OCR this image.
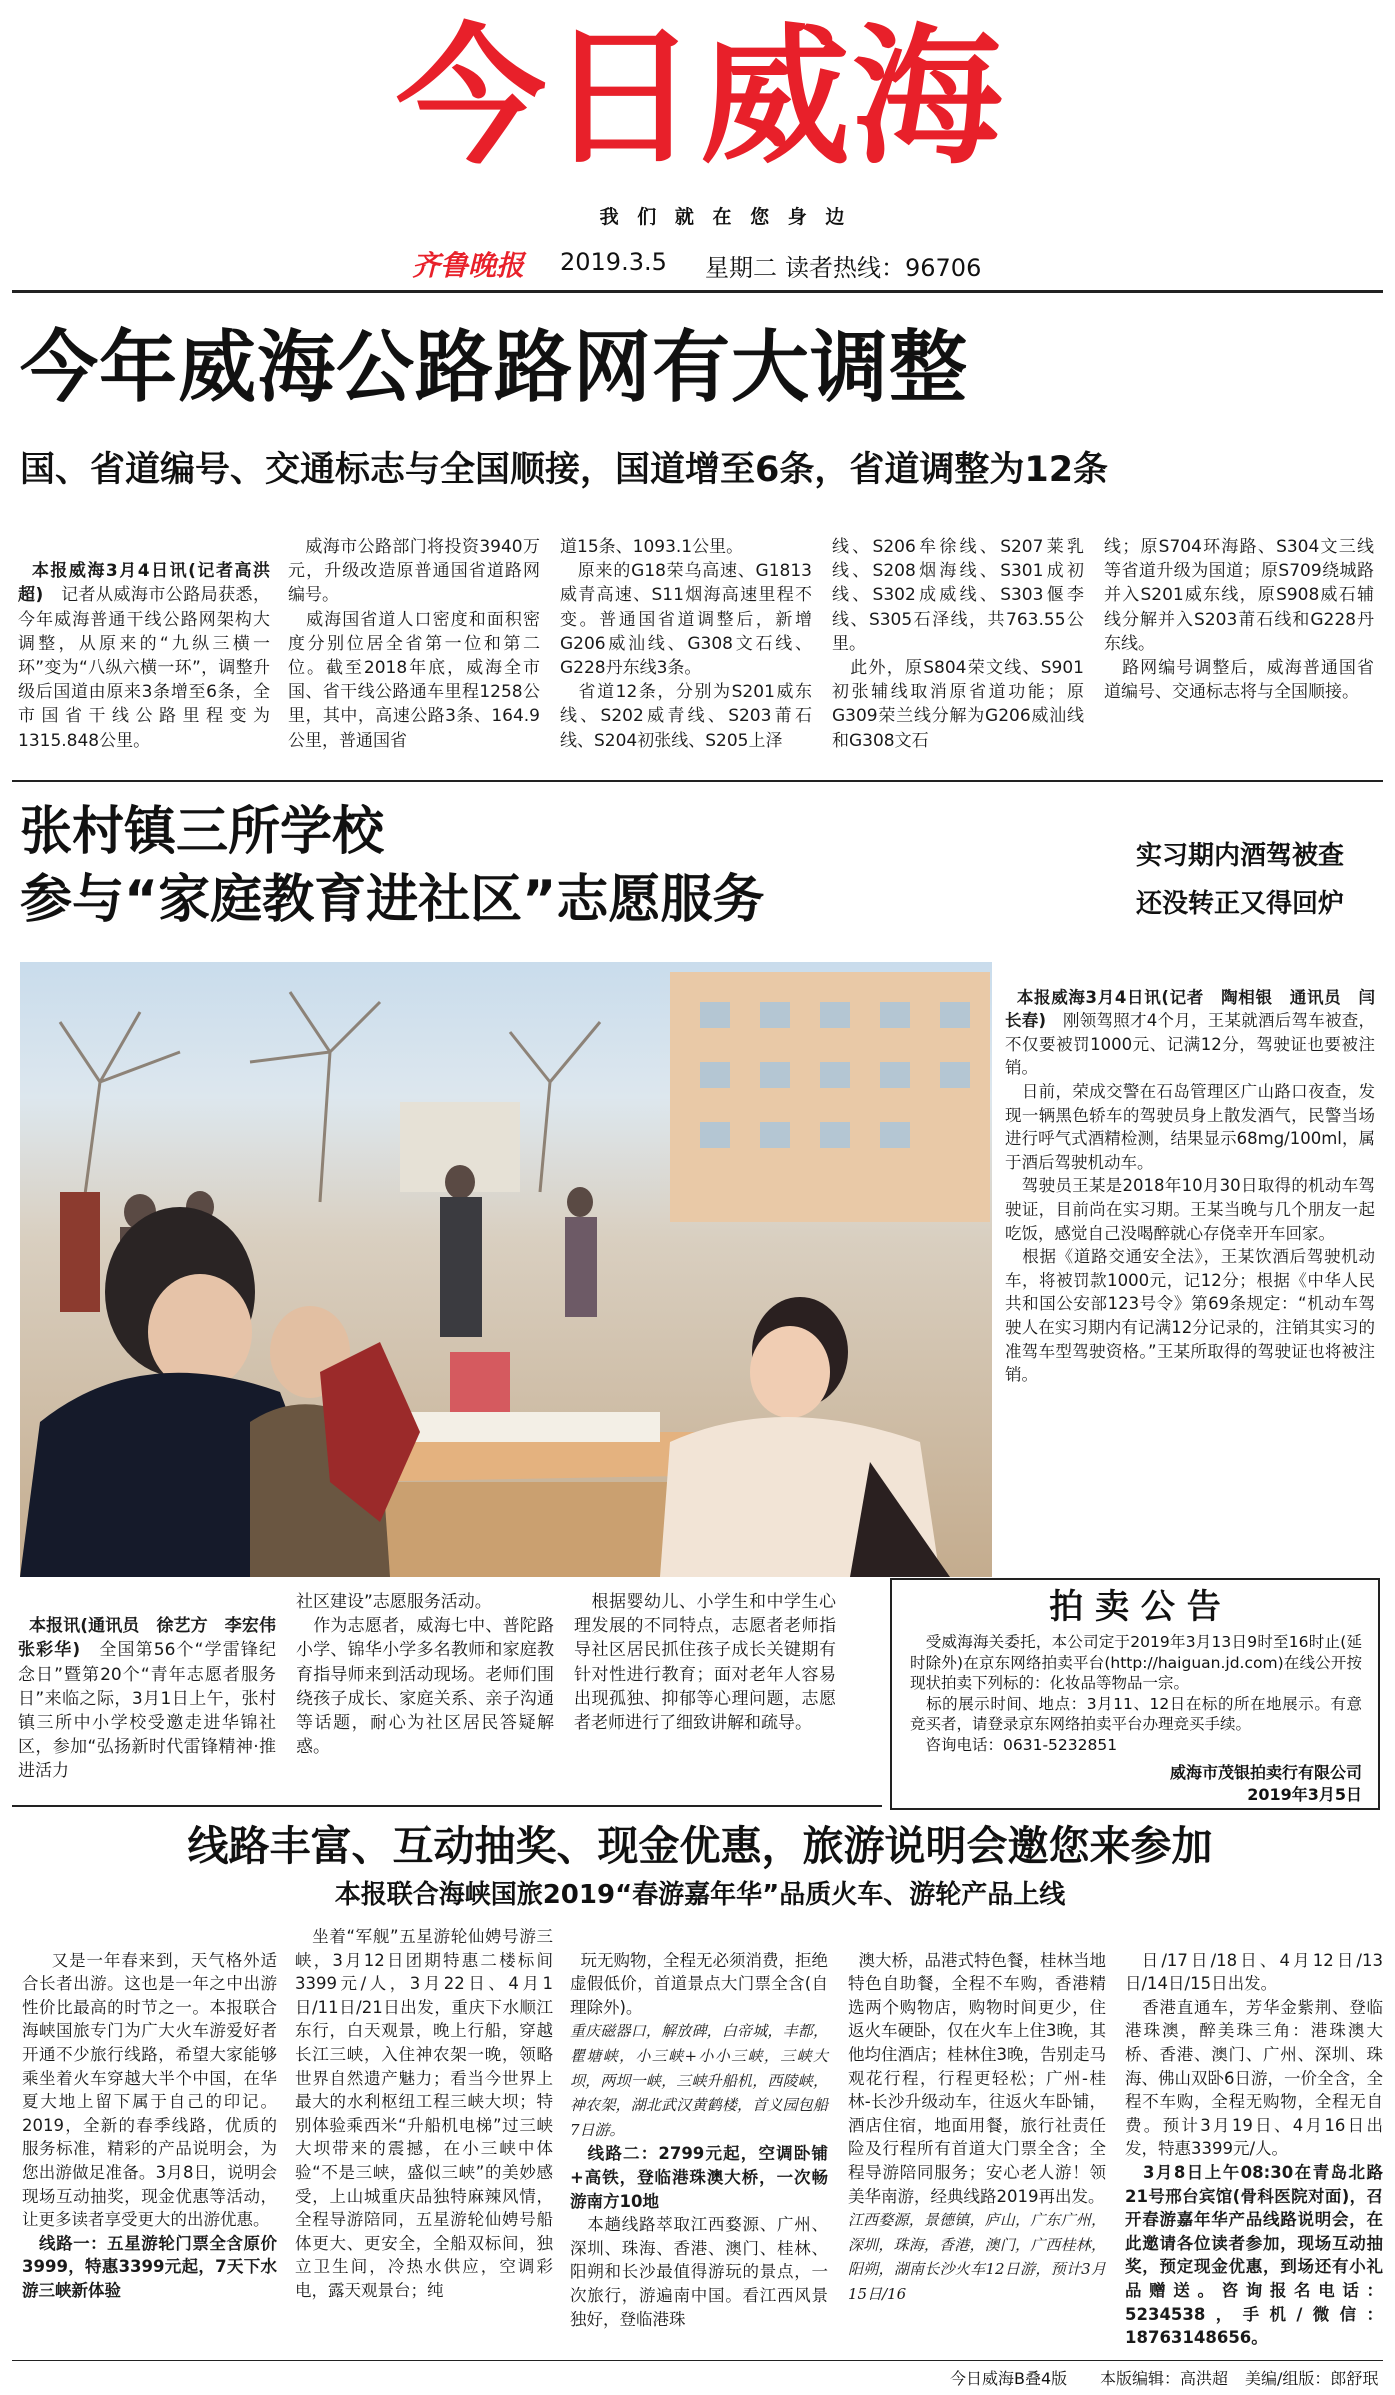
今日威海
我 们 就 在 您 身 边
齐鲁晚报 2019.3.5 星期二 读者热线：96706
今年威海公路路网有大调整
国、省道编号、交通标志与全国顺接，国道增至6条，省道调整为12条

本报威海3月4日讯(记者高洪超)　记者从威海市公路局获悉，今年威海普通干线公路网架构大调整，从原来的“九纵三横一环”变为“八纵六横一环”，调整升级后国道由原来3条增至6条，全市国省干线公路里程变为1315.848公里。

　威海市公路部门将投资3940万元，升级改造原普通国省道路网编号。
　威海国省道人口密度和面积密度分别位居全省第一位和第二位。截至2018年底，威海全市国、省干线公路通车里程1258公里，其中，高速公路3条、164.9公里，普通国省
道15条、1093.1公里。
　原来的G18荣乌高速、G1813威青高速、S11烟海高速里程不变。普通国省道调整后，新增G206威汕线、G308文石线、G228丹东线3条。
　省道12条，分别为S201威东线、S202威青线、S203莆石线、S204初张线、S205上泽
线、S206牟徐线、S207莱乳线、S208烟海线、S301成初线、S302成威线、S303偃李线、S305石泽线，共763.55公里。
　此外，原S804荣文线、S901初张辅线取消原省道功能；原G309荣兰线分解为G206威汕线和G308文石
线；原S704环海路、S304文三线等省道升级为国道；原S709绕城路并入S201威东线，原S908威石辅线分解并入S203莆石线和G228丹东线。
　路网编号调整后，威海普通国省道编号、交通标志将与全国顺接。
张村镇三所学校
参与“家庭教育进社区”志愿服务

本报讯(通讯员　徐艺方　李宏伟　张彩华)　全国第56个“学雷锋纪念日”暨第20个“青年志愿者服务日”来临之际，3月1日上午，张村镇三所中小学校受邀走进华锦社区，参加“弘扬新时代雷锋精神·推进活力

社区建设”志愿服务活动。
　作为志愿者，威海七中、普陀路小学、锦华小学多名教师和家庭教育指导师来到活动现场。老师们围绕孩子成长、家庭关系、亲子沟通等话题，耐心为社区居民答疑解惑。
　根据婴幼儿、小学生和中学生心理发展的不同特点，志愿者老师指导社区居民抓住孩子成长关键期有针对性进行教育；面对老年人容易出现孤独、抑郁等心理问题，志愿者老师进行了细致讲解和疏导。
实习期内酒驾被查
还没转正又得回炉

本报威海3月4日讯(记者　陶相银　通讯员　闫长春)　刚领驾照才4个月，王某就酒后驾车被查，不仅要被罚1000元、记满12分，驾驶证也要被注销。
　日前，荣成交警在石岛管理区广山路口夜查，发现一辆黑色轿车的驾驶员身上散发酒气，民警当场进行呼气式酒精检测，结果显示68mg/100ml，属于酒后驾驶机动车。
　驾驶员王某是2018年10月30日取得的机动车驾驶证，目前尚在实习期。王某当晚与几个朋友一起吃饭，感觉自己没喝醉就心存侥幸开车回家。
　根据《道路交通安全法》，王某饮酒后驾驶机动车，将被罚款1000元，记12分；根据《中华人民共和国公安部123号令》第69条规定：“机动车驾驶人在实习期内有记满12分记录的，注销其实习的准驾车型驾驶资格。”王某所取得的驾驶证也将被注销。

拍 卖 公 告
　受威海海关委托，本公司定于2019年3月13日9时至16时止(延时除外)在京东网络拍卖平台(http://haiguan.jd.com)在线公开按现状拍卖下列标的：化妆品等物品一宗。
　标的展示时间、地点：3月11、12日在标的所在地展示。有意竞买者，请登录京东网络拍卖平台办理竞买手续。
　咨询电话：0631-5232851
威海市茂银拍卖行有限公司
2019年3月5日
线路丰富、互动抽奖、现金优惠，旅游说明会邀您来参加
本报联合海峡国旅2019“春游嘉年华”品质火车、游轮产品上线

　又是一年春来到，天气格外适合长者出游。这也是一年之中出游性价比最高的时节之一。本报联合海峡国旅专门为广大火车游爱好者开通不少旅行线路，希望大家能够乘坐着火车穿越大半个中国，在华夏大地上留下属于自己的印记。2019，全新的春季线路，优质的服务标准，精彩的产品说明会，为您出游做足准备。3月8日，说明会现场互动抽奖，现金优惠等活动，让更多读者享受更大的出游优惠。
　线路一：五星游轮门票全含原价3999，特惠3399元起，7天下水游三峡新体验

　坐着“军舰”五星游轮仙娉号游三峡，3月12日团期特惠二楼标间3399元/人，3月22日、4月1日/11日/21日出发，重庆下水顺江东行，白天观景，晚上行船，穿越长江三峡，入住神农架一晚，领略世界自然遗产魅力；看当今世界上最大的水利枢纽工程三峡大坝；特别体验乘西米“升船机电梯”过三峡大坝带来的震撼，在小三峡中体验“不是三峡，盛似三峡”的美妙感受，上山城重庆品独特麻辣风情，全程导游陪同，五星游轮仙娉号船体更大、更安全，全船双标间，独立卫生间，冷热水供应，空调彩电，露天观景台；纯

玩无购物，全程无必须消费，拒绝虚假低价，首道景点大门票全含(自理除外)。
重庆磁器口，解放碑，白帝城，丰都，瞿塘峡，小三峡+小小三峡，三峡大坝，两坝一峡，三峡升船机，西陵峡，神农架，湖北武汉黄鹤楼，首义园包船7日游。
　线路二：2799元起，空调卧铺+高铁，登临港珠澳大桥，一次畅游南方10地
　本趟线路萃取江西婺源、广州、深圳、珠海、香港、澳门、桂林、阳朔和长沙最值得游玩的景点，一次旅行，游遍南中国。看江西风景独好，登临港珠

澳大桥，品港式特色餐，桂林当地特色自助餐，全程不车购，香港精选两个购物店，购物时间更少，住返火车硬卧，仅在火车上住3晚，其他均住酒店；桂林住3晚，告别走马观花行程，行程更轻松；广州-桂林-长沙升级动车，往返火车卧铺，酒店住宿，地面用餐，旅行社责任险及行程所有首道大门票全含；全程导游陪同服务；安心老人游！领美华南游，经典线路2019再出发。
江西婺源，景德镇，庐山，广东广州，深圳，珠海，香港，澳门，广西桂林，阳朔，湖南长沙火车12日游，预计3月15日/16

日/17日/18日、4月12日/13日/14日/15日出发。
　香港直通车，芳华金紫荆、登临港珠澳，醉美珠三角：港珠澳大桥、香港、澳门、广州、深圳、珠海、佛山双卧6日游，一价全含，全程不车购，全程无购物，全程无自费。预计3月19日、4月16日出发，特惠3399元/人。
　3月8日上午08:30在青岛北路21号邢台宾馆(骨科医院对面)，召开春游嘉年华产品线路说明会，在此邀请各位读者参加，现场互动抽奖，预定现金优惠，到场还有小礼品赠送。咨询报名电话：5234538，手机/微信：18763148656。

今日威海B叠4版 本版编辑：高洪超 美编/组版：郎舒珉
